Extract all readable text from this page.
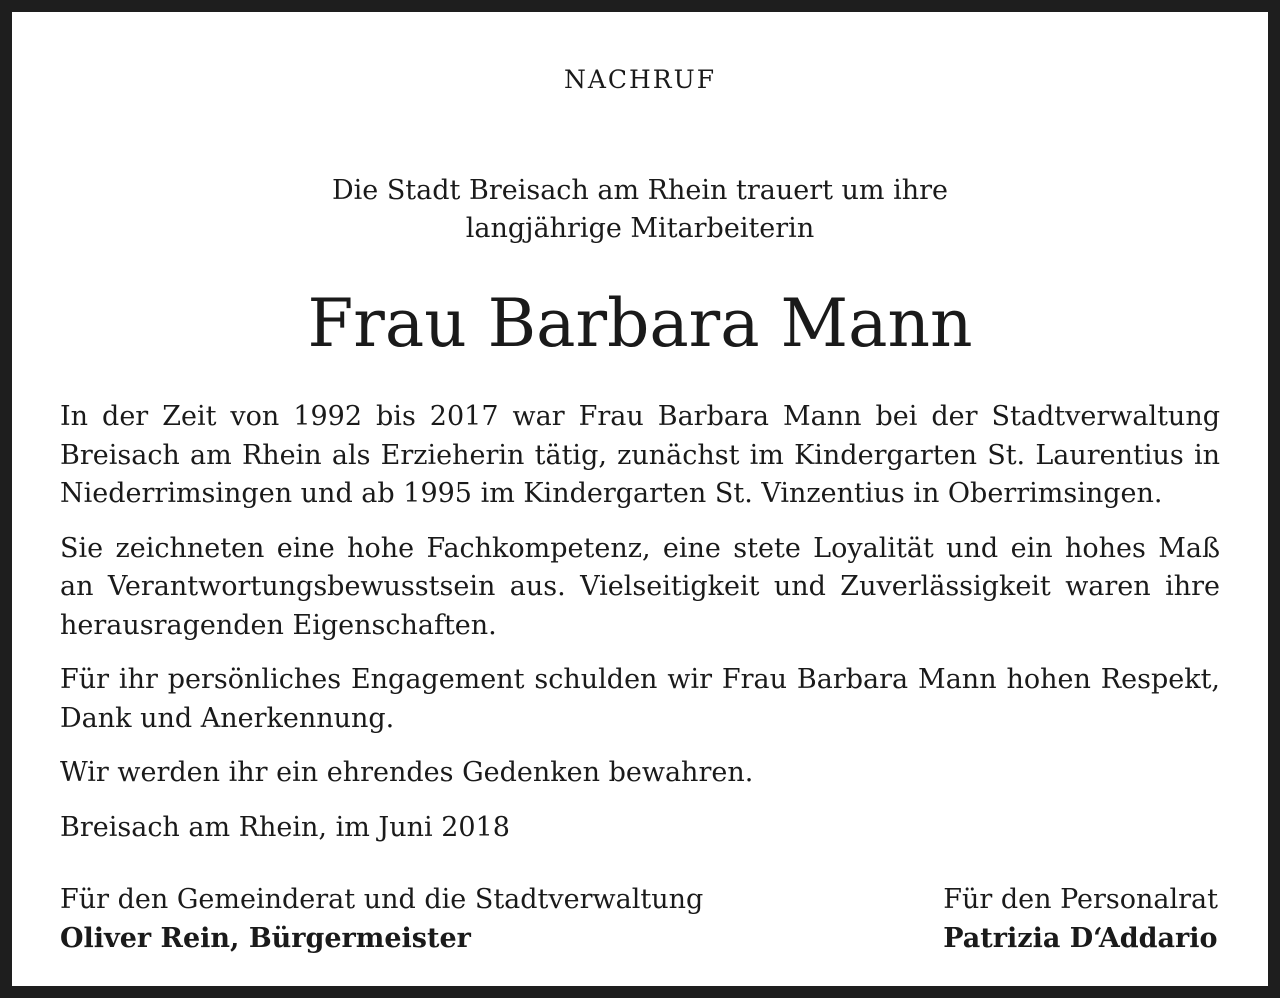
NACHRUF
Die Stadt Breisach am Rhein trauert um ihre
langjährige Mitarbeiterin
Frau Barbara Mann

In der Zeit von 1992 bis 2017 war Frau Barbara Mann bei der Stadtverwaltung Breisach am Rhein als Erzieherin tätig, zunächst im Kindergarten St. Laurentius in Niederrimsingen und ab 1995 im Kindergarten St. Vinzentius in Oberrimsingen.

Sie zeichneten eine hohe Fachkompetenz, eine stete Loyalität und ein hohes Maß an Verantwortungsbewusstsein aus. Vielseitigkeit und Zuverlässigkeit waren ihre herausragenden Eigenschaften.

Für ihr persönliches Engagement schulden wir Frau Barbara Mann hohen Respekt, Dank und Anerkennung.

Wir werden ihr ein ehrendes Gedenken bewahren.

Breisach am Rhein, im Juni 2018

Für den Gemeinderat und die Stadtverwaltung
Oliver Rein, Bürgermeister
Für den Personalrat
Patrizia D‘Addario
